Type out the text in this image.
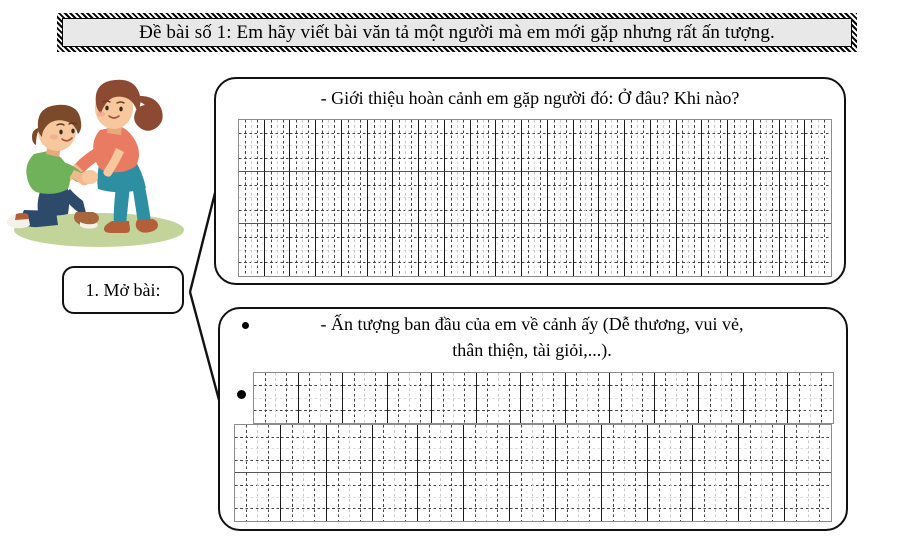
Đề bài số 1: Em hãy viết bài văn tả một người mà em mới gặp nhưng rất ấn tượng.
1. Mở bài:
- Giới thiệu hoàn cảnh em gặp người đó: Ở đâu? Khi nào?
- Ấn tượng ban đầu của em về cảnh ấy (Dễ thương, vui vẻ,
thân thiện, tài giỏi,...).
